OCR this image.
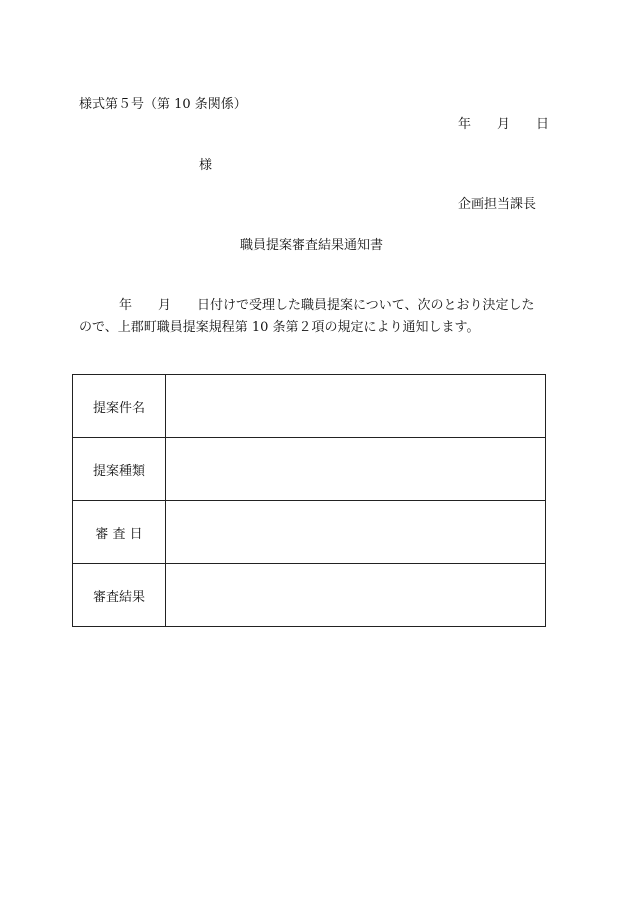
様式第５号（第 10 条関係）
年 月 日
様
企画担当課長
職員提案審査結果通知書
年　　月　　日付けで受理した職員提案について、次のとおり決定した
ので、上郡町職員提案規程第 10 条第２項の規定により通知します。
提案件名	
提案種類	
審 査 日	
審査結果	
